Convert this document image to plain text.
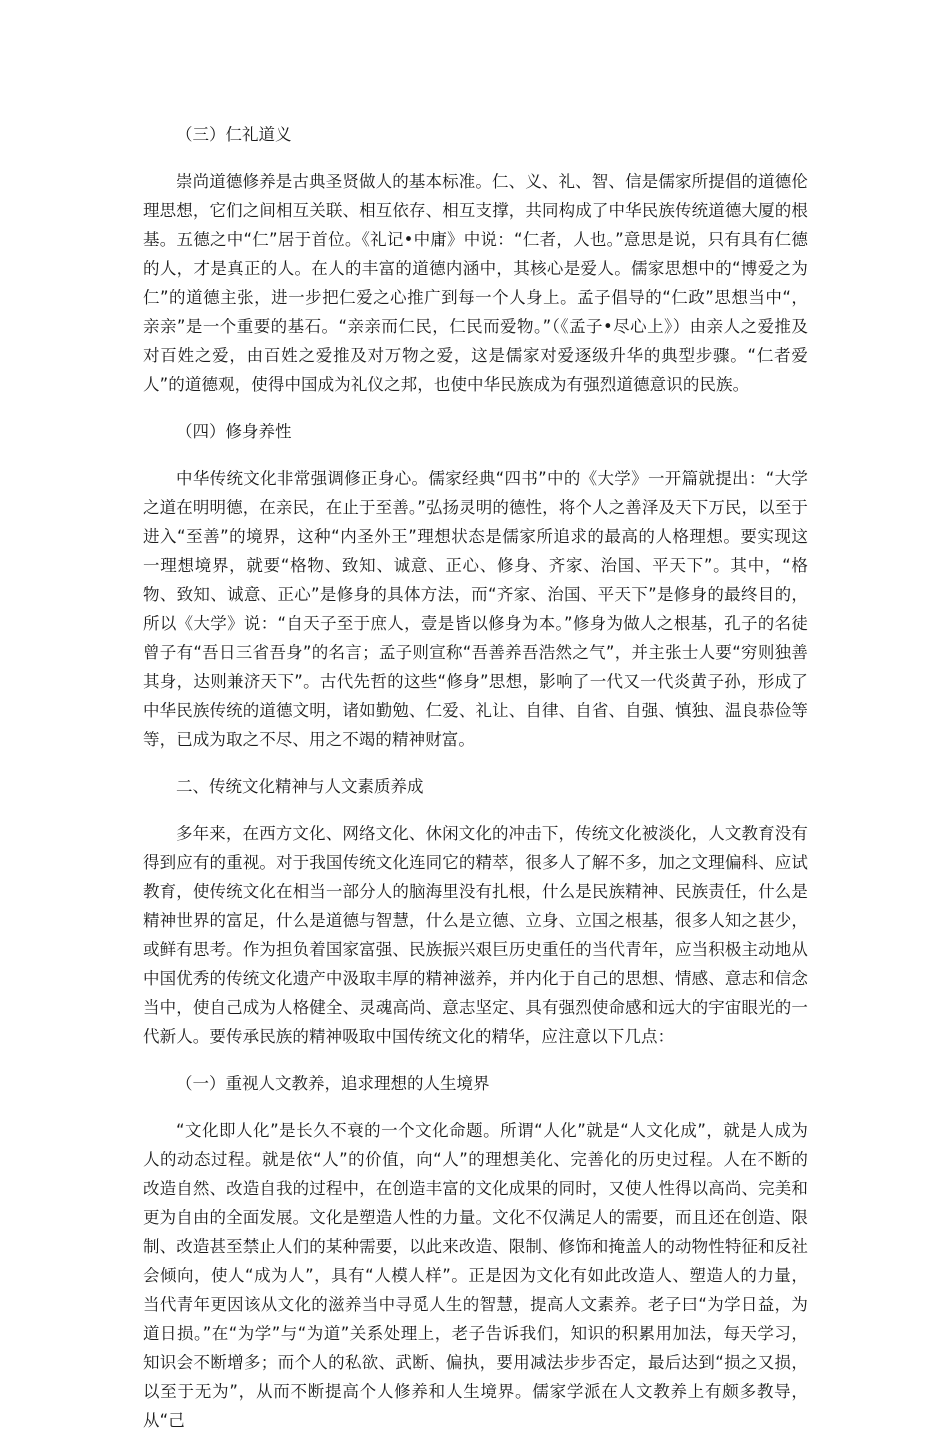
（三）仁礼道义

崇尚道德修养是古典圣贤做人的基本标准。仁、义、礼、智、信是儒家所提倡的道德伦理思想，它们之间相互关联、相互依存、相互支撑，共同构成了中华民族传统道德大厦的根基。五德之中“仁”居于首位。《礼记•中庸》中说：“仁者，人也。”意思是说，只有具有仁德的人，才是真正的人。在人的丰富的道德内涵中，其核心是爱人。儒家思想中的“博爱之为仁”的道德主张，进一步把仁爱之心推广到每一个人身上。孟子倡导的“仁政”思想当中“，亲亲”是一个重要的基石。“亲亲而仁民，仁民而爱物。”（《孟子•尽心上》）由亲人之爱推及对百姓之爱，由百姓之爱推及对万物之爱，这是儒家对爱逐级升华的典型步骤。“仁者爱人”的道德观，使得中国成为礼仪之邦，也使中华民族成为有强烈道德意识的民族。

（四）修身养性

中华传统文化非常强调修正身心。儒家经典“四书”中的《大学》一开篇就提出：“大学之道在明明德，在亲民，在止于至善。”弘扬灵明的德性，将个人之善泽及天下万民，以至于进入“至善”的境界，这种“内圣外王”理想状态是儒家所追求的最高的人格理想。要实现这一理想境界，就要“格物、致知、诚意、正心、修身、齐家、治国、平天下”。其中，“格物、致知、诚意、正心”是修身的具体方法，而“齐家、治国、平天下”是修身的最终目的，所以《大学》说：“自天子至于庶人，壹是皆以修身为本。”修身为做人之根基，孔子的名徒曾子有“吾日三省吾身”的名言；孟子则宣称“吾善养吾浩然之气”，并主张士人要“穷则独善其身，达则兼济天下”。古代先哲的这些“修身”思想，影响了一代又一代炎黄子孙，形成了中华民族传统的道德文明，诸如勤勉、仁爱、礼让、自律、自省、自强、慎独、温良恭俭等等，已成为取之不尽、用之不竭的精神财富。

二、传统文化精神与人文素质养成

多年来，在西方文化、网络文化、休闲文化的冲击下，传统文化被淡化，人文教育没有得到应有的重视。对于我国传统文化连同它的精萃，很多人了解不多，加之文理偏科、应试教育，使传统文化在相当一部分人的脑海里没有扎根，什么是民族精神、民族责任，什么是精神世界的富足，什么是道德与智慧，什么是立德、立身、立国之根基，很多人知之甚少，或鲜有思考。作为担负着国家富强、民族振兴艰巨历史重任的当代青年，应当积极主动地从中国优秀的传统文化遗产中汲取丰厚的精神滋养，并内化于自己的思想、情感、意志和信念当中，使自己成为人格健全、灵魂高尚、意志坚定、具有强烈使命感和远大的宇宙眼光的一代新人。要传承民族的精神吸取中国传统文化的精华，应注意以下几点：

（一）重视人文教养，追求理想的人生境界

“文化即人化”是长久不衰的一个文化命题。所谓“人化”就是“人文化成”，就是人成为人的动态过程。就是依“人”的价值，向“人”的理想美化、完善化的历史过程。人在不断的改造自然、改造自我的过程中，在创造丰富的文化成果的同时，又使人性得以高尚、完美和更为自由的全面发展。文化是塑造人性的力量。文化不仅满足人的需要，而且还在创造、限制、改造甚至禁止人们的某种需要，以此来改造、限制、修饰和掩盖人的动物性特征和反社会倾向，使人“成为人”，具有“人模人样”。正是因为文化有如此改造人、塑造人的力量，当代青年更因该从文化的滋养当中寻觅人生的智慧，提高人文素养。老子曰“为学日益，为道日损。”在“为学”与“为道”关系处理上，老子告诉我们，知识的积累用加法，每天学习，知识会不断增多；而个人的私欲、武断、偏执，要用减法步步否定，最后达到“损之又损，以至于无为”，从而不断提高个人修养和人生境界。儒家学派在人文教养上有颇多教导，从“己
